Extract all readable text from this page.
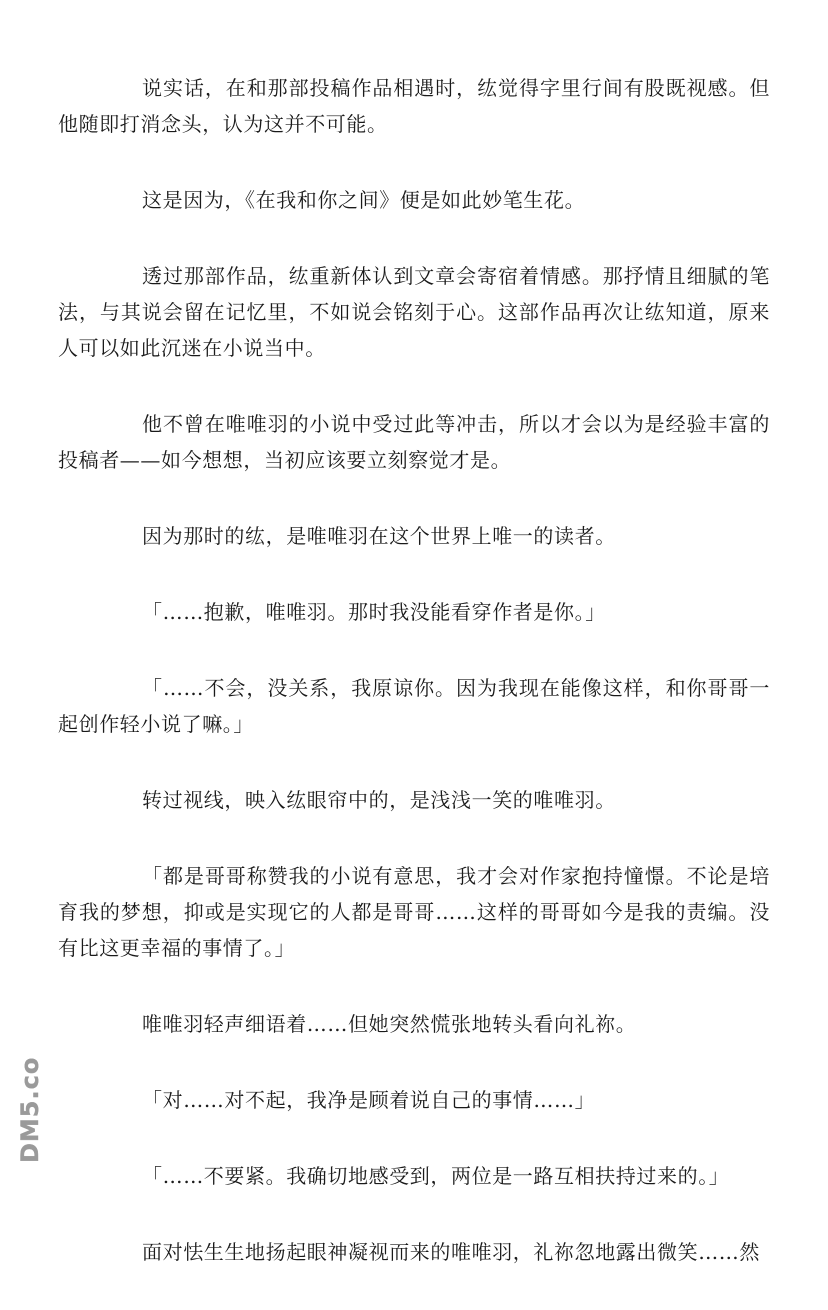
说实话，在和那部投稿作品相遇时，纮觉得字里行间有股既视感。但他随即打消念头，认为这并不可能。

这是因为，《在我和你之间》便是如此妙笔生花。

透过那部作品，纮重新体认到文章会寄宿着情感。那抒情且细腻的笔法，与其说会留在记忆里，不如说会铭刻于心。这部作品再次让纮知道，原来人可以如此沉迷在小说当中。

他不曾在唯唯羽的小说中受过此等冲击，所以才会以为是经验丰富的投稿者——如今想想，当初应该要立刻察觉才是。

因为那时的纮，是唯唯羽在这个世界上唯一的读者。

「……抱歉，唯唯羽。那时我没能看穿作者是你。」

「……不会，没关系，我原谅你。因为我现在能像这样，和你哥哥一起创作轻小说了嘛。」

转过视线，映入纮眼帘中的，是浅浅一笑的唯唯羽。

「都是哥哥称赞我的小说有意思，我才会对作家抱持憧憬。不论是培育我的梦想，抑或是实现它的人都是哥哥……这样的哥哥如今是我的责编。没有比这更幸福的事情了。」

唯唯羽轻声细语着……但她突然慌张地转头看向礼祢。

「对……对不起，我净是顾着说自己的事情……」

「……不要紧。我确切地感受到，两位是一路互相扶持过来的。」

面对怯生生地扬起眼神凝视而来的唯唯羽，礼祢忽地露出微笑……然

DM5.com
